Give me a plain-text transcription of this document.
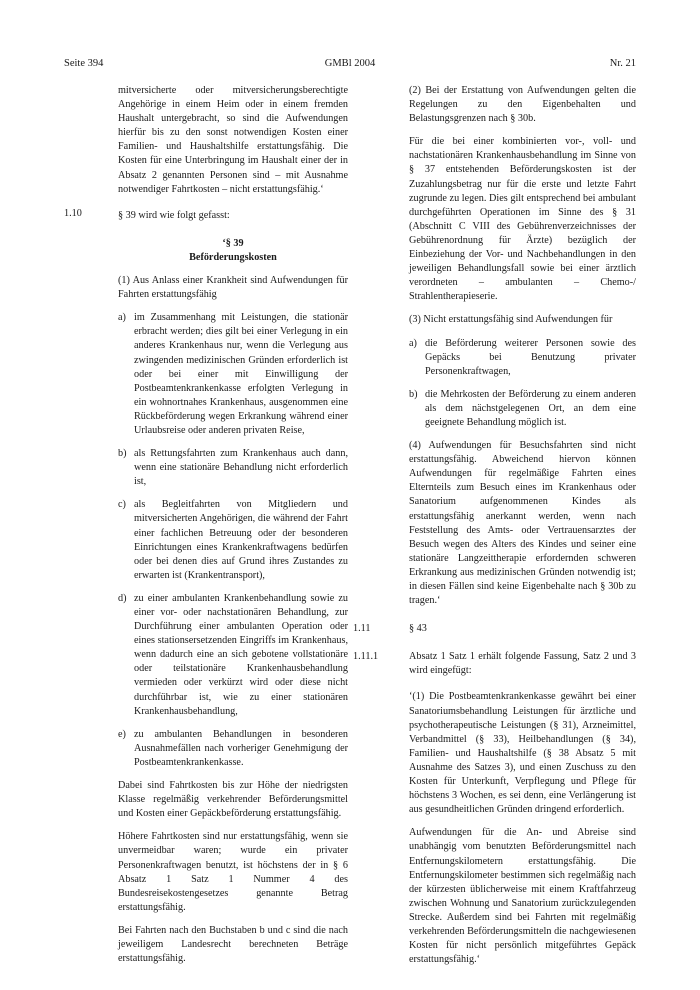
Seite 394	GMBl 2004	Nr. 21
1.10

mitversicherte oder mitversicherungsberechtigte Angehörige in einem Heim oder in einem fremden Haushalt untergebracht, so sind die Aufwendungen hierfür bis zu den sonst notwendigen Kosten einer Familien- und Haushaltshilfe erstattungsfähig. Die Kosten für eine Unterbringung im Haushalt einer der in Absatz 2 genannten Personen sind – mit Ausnahme notwendiger Fahrtkosten – nicht erstattungsfähig.‘

§ 39 wird wie folgt gefasst:

‘§ 39

Beförderungskosten

(1) Aus Anlass einer Krankheit sind Aufwendungen für Fahrten erstattungsfähig

a) im Zusammenhang mit Leistungen, die stationär erbracht werden; dies gilt bei einer Verlegung in ein anderes Krankenhaus nur, wenn die Verlegung aus zwingenden medizinischen Gründen erforderlich ist oder bei einer mit Einwilligung der Postbeamtenkrankenkasse erfolgten Verlegung in ein wohnortnahes Krankenhaus, ausgenommen eine Rückbeförderung wegen Erkrankung während einer Urlaubsreise oder anderen privaten Reise,
b) als Rettungsfahrten zum Krankenhaus auch dann, wenn eine stationäre Behandlung nicht erforderlich ist,
c) als Begleitfahrten von Mitgliedern und mitversicherten Angehörigen, die während der Fahrt einer fachlichen Betreuung oder der besonderen Einrichtungen eines Krankenkraftwagens bedürfen oder bei denen dies auf Grund ihres Zustandes zu erwarten ist (Krankentransport),
d) zu einer ambulanten Krankenbehandlung sowie zu einer vor- oder nachstationären Behandlung, zur Durchführung einer ambulanten Operation oder eines stationsersetzenden Eingriffs im Krankenhaus, wenn dadurch eine an sich gebotene vollstationäre oder teilstationäre Krankenhausbehandlung vermieden oder verkürzt wird oder diese nicht durchführbar ist, wie zu einer stationären Krankenhausbehandlung,
e) zu ambulanten Behandlungen in besonderen Ausnahmefällen nach vorheriger Genehmigung der Postbeamtenkrankenkasse.

Dabei sind Fahrtkosten bis zur Höhe der niedrigsten Klasse regelmäßig verkehrender Beförderungsmittel und Kosten einer Gepäckbeförderung erstattungsfähig.

Höhere Fahrtkosten sind nur erstattungsfähig, wenn sie unvermeidbar waren; wurde ein privater Personenkraftwagen benutzt, ist höchstens der in § 6 Absatz 1 Satz 1 Nummer 4 des Bundesreisekostengesetzes genannte Betrag erstattungsfähig.

Bei Fahrten nach den Buchstaben b und c sind die nach jeweiligem Landesrecht berechneten Beträge erstattungsfähig.

(2) Bei der Erstattung von Aufwendungen gelten die Regelungen zu den Eigenbehalten und Belastungsgrenzen nach § 30b.

Für die bei einer kombinierten vor-, voll- und nachstationären Krankenhausbehandlung im Sinne von § 37 entstehenden Beförderungskosten ist der Zuzahlungsbetrag nur für die erste und letzte Fahrt zugrunde zu legen. Dies gilt entsprechend bei ambulant durchgeführten Operationen im Sinne des § 31 (Abschnitt C VIII des Gebührenverzeichnisses der Gebührenordnung für Ärzte) bezüglich der Einbeziehung der Vor- und Nachbehandlungen in den jeweiligen Behandlungsfall sowie bei einer ärztlich verordneten – ambulanten – Chemo-/ Strahlentherapieserie.

(3) Nicht erstattungsfähig sind Aufwendungen für

a) die Beförderung weiterer Personen sowie des Gepäcks bei Benutzung privater Personenkraftwagen,
b) die Mehrkosten der Beförderung zu einem anderen als dem nächstgelegenen Ort, an dem eine geeignete Behandlung möglich ist.

(4) Aufwendungen für Besuchsfahrten sind nicht erstattungsfähig. Abweichend hiervon können Aufwendungen für regelmäßige Fahrten eines Elternteils zum Besuch eines im Krankenhaus oder Sanatorium aufgenommenen Kindes als erstattungsfähig anerkannt werden, wenn nach Feststellung des Amts- oder Vertrauensarztes der Besuch wegen des Alters des Kindes und seiner eine stationäre Langzeittherapie erfordernden schweren Erkrankung aus medizinischen Gründen notwendig ist; in diesen Fällen sind keine Eigenbehalte nach § 30b zu tragen.‘

1.11	§ 43
1.11.1	Absatz 1 Satz 1 erhält folgende Fassung, Satz 2 und 3 wird eingefügt:

‘(1) Die Postbeamtenkrankenkasse gewährt bei einer Sanatoriumsbehandlung Leistungen für ärztliche und psychotherapeutische Leistungen (§ 31), Arzneimittel, Verbandmittel (§ 33), Heilbehandlungen (§ 34), Familien- und Haushaltshilfe (§ 38 Absatz 5 mit Ausnahme des Satzes 3), und einen Zuschuss zu den Kosten für Unterkunft, Verpflegung und Pflege für höchstens 3 Wochen, es sei denn, eine Verlängerung ist aus gesundheitlichen Gründen dringend erforderlich.

Aufwendungen für die An- und Abreise sind unabhängig vom benutzten Beförderungsmittel nach Entfernungskilometern erstattungsfähig. Die Entfernungskilometer bestimmen sich regelmäßig nach der kürzesten üblicherweise mit einem Kraftfahrzeug zwischen Wohnung und Sanatorium zurückzulegenden Strecke. Außerdem sind bei Fahrten mit regelmäßig verkehrenden Beförderungsmitteln die nachgewiesenen Kosten für nicht persönlich mitgeführtes Gepäck erstattungsfähig.‘
